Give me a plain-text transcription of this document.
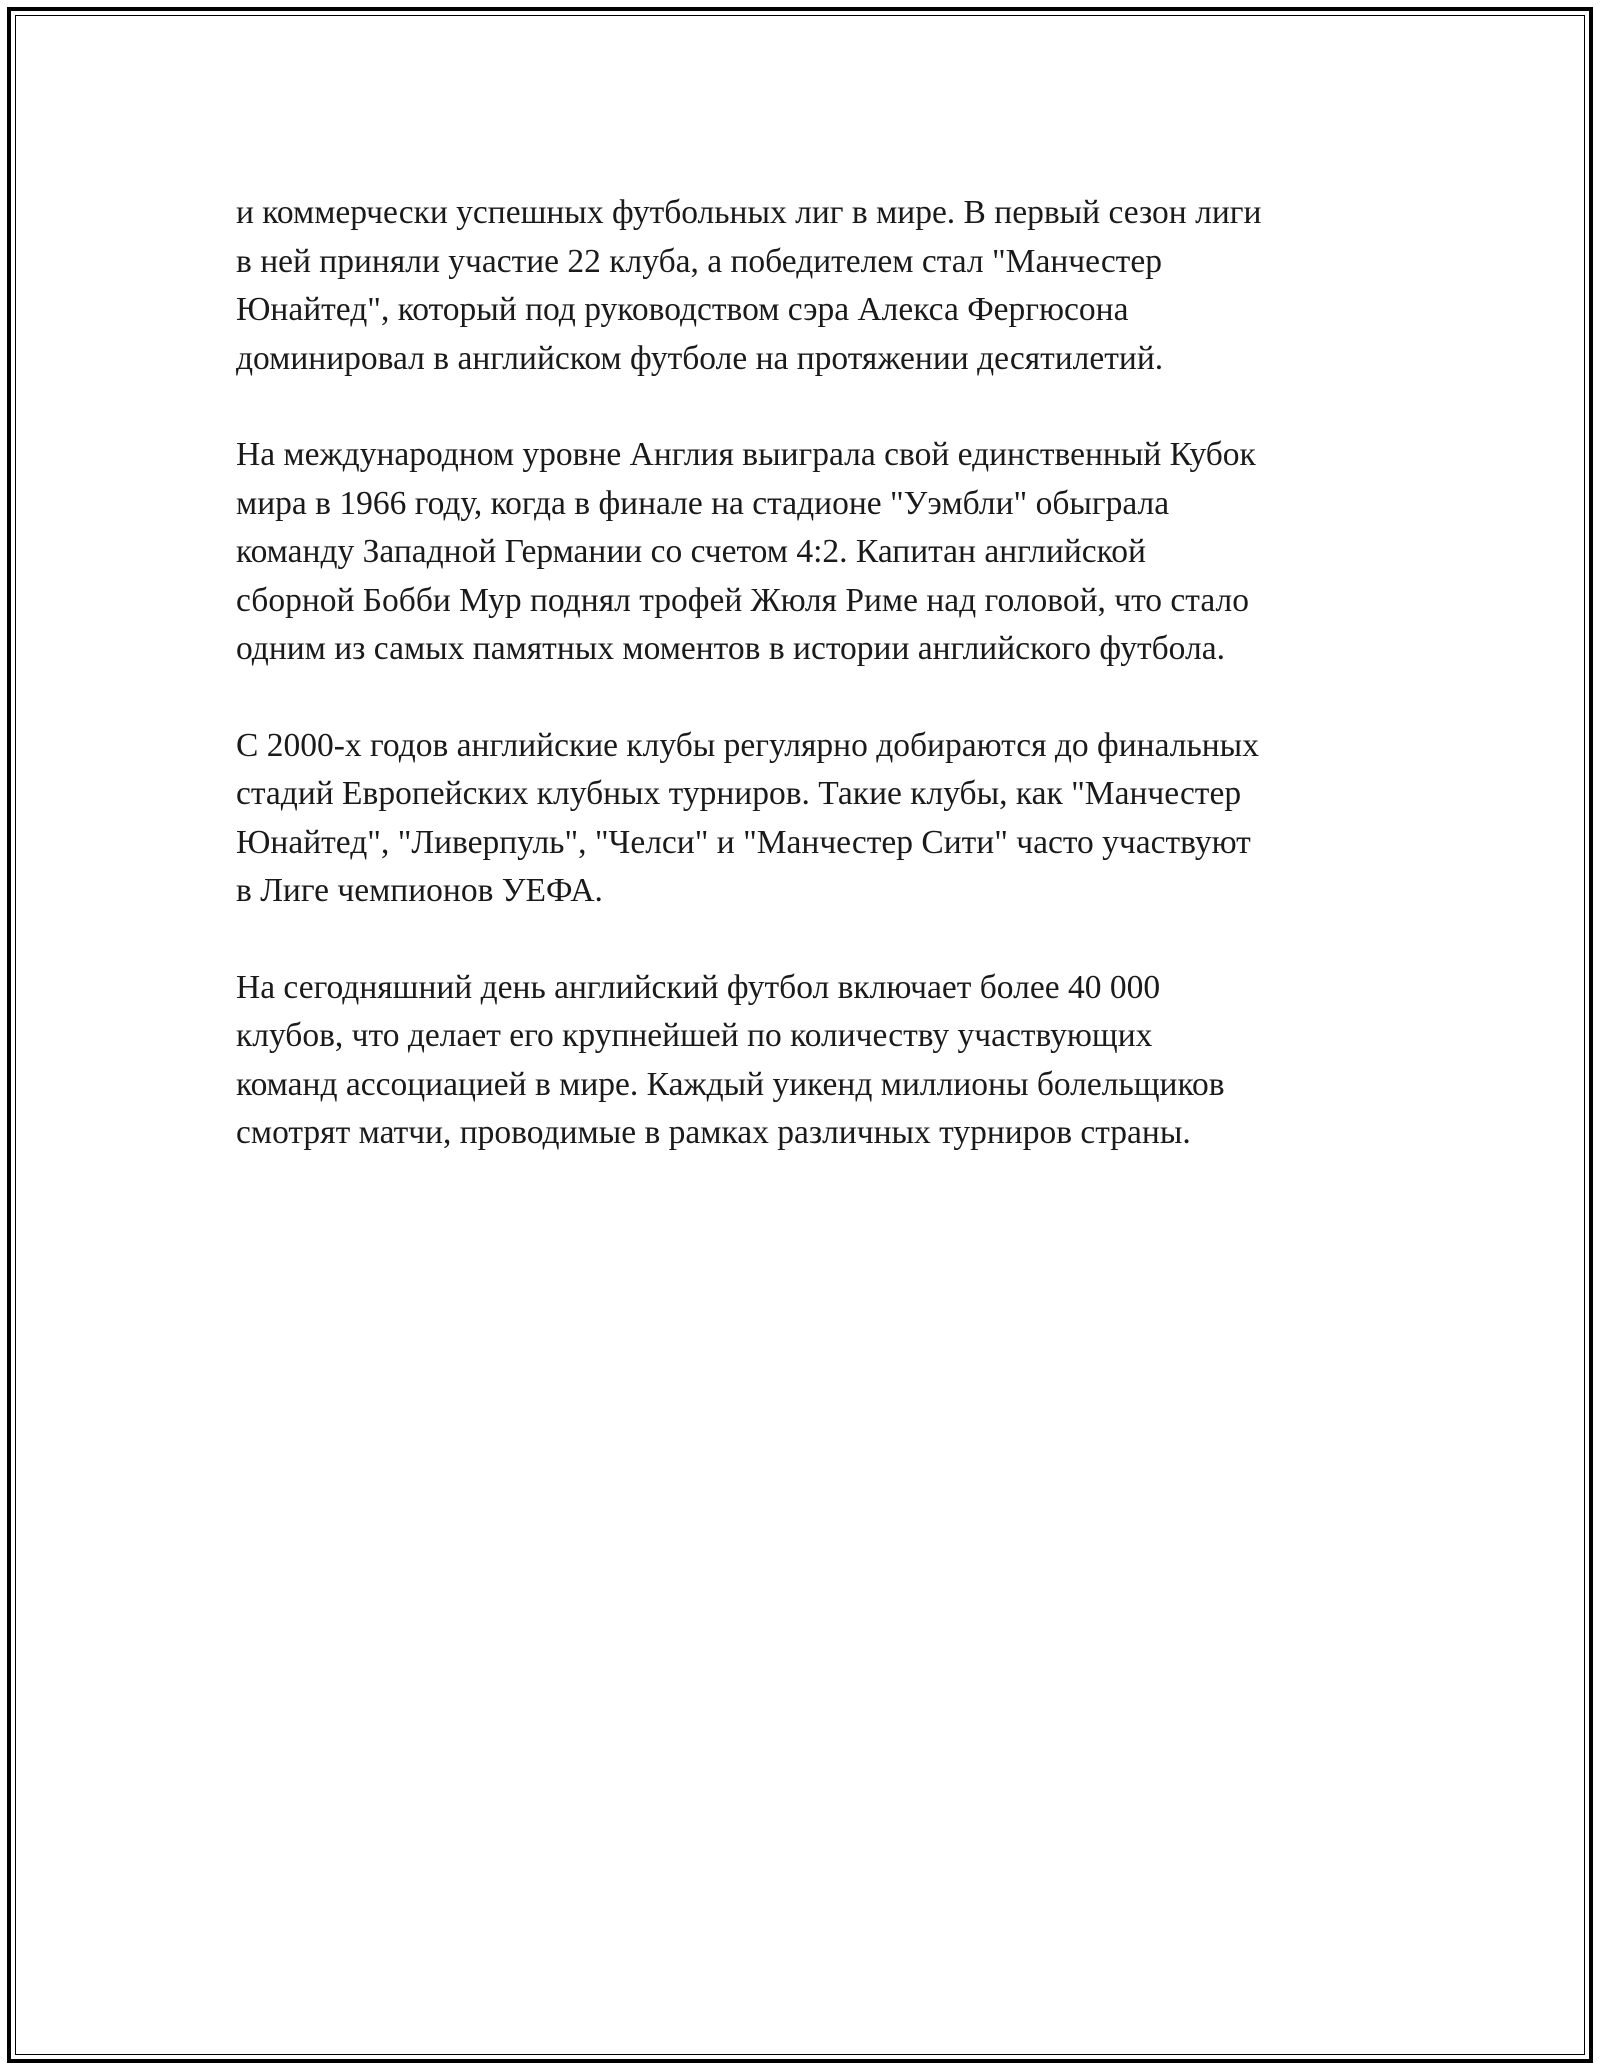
и коммерчески успешных футбольных лиг в мире. В первый сезон лиги
в ней приняли участие 22 клуба, а победителем стал "Манчестер
Юнайтед", который под руководством сэра Алекса Фергюсона
доминировал в английском футболе на протяжении десятилетий.

На международном уровне Англия выиграла свой единственный Кубок
мира в 1966 году, когда в финале на стадионе "Уэмбли" обыграла
команду Западной Германии со счетом 4:2. Капитан английской
сборной Бобби Мур поднял трофей Жюля Риме над головой, что стало
одним из самых памятных моментов в истории английского футбола.

С 2000-х годов английские клубы регулярно добираются до финальных
стадий Европейских клубных турниров. Такие клубы, как "Манчестер
Юнайтед", "Ливерпуль", "Челси" и "Манчестер Сити" часто участвуют
в Лиге чемпионов УЕФА.

На сегодняшний день английский футбол включает более 40 000
клубов, что делает его крупнейшей по количеству участвующих
команд ассоциацией в мире. Каждый уикенд миллионы болельщиков
смотрят матчи, проводимые в рамках различных турниров страны.
